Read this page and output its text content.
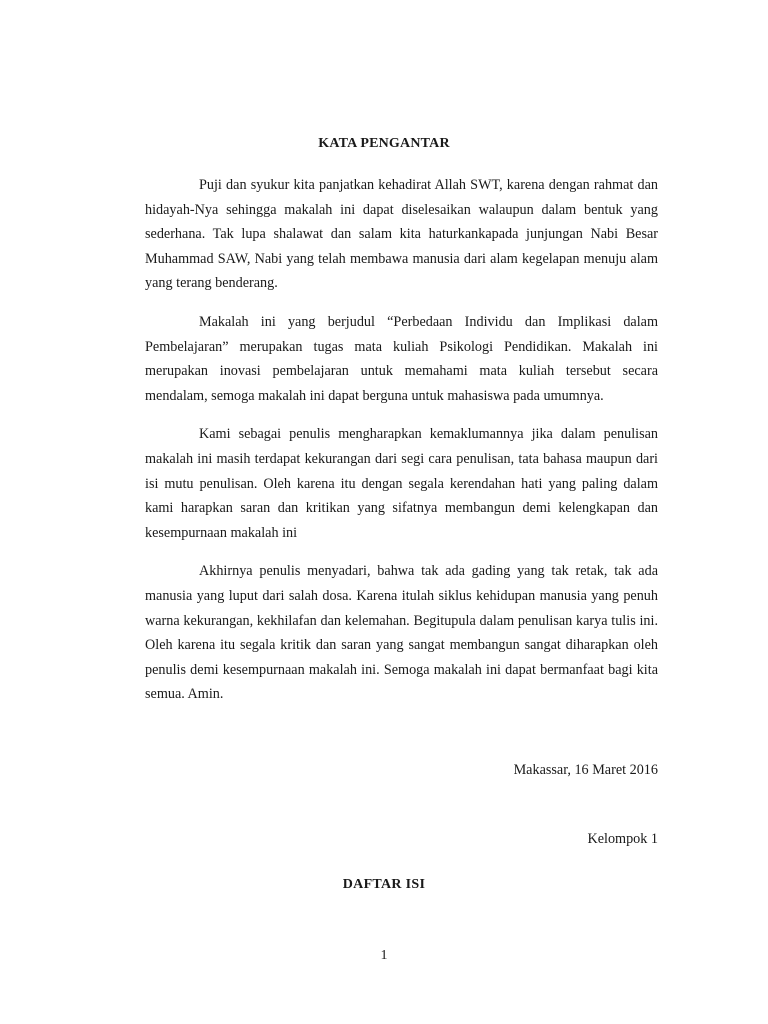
KATA PENGANTAR

Puji dan syukur kita panjatkan kehadirat Allah SWT, karena dengan rahmat dan hidayah-Nya sehingga makalah ini dapat diselesaikan walaupun dalam bentuk yang sederhana. Tak lupa shalawat dan salam kita haturkankapada junjungan Nabi Besar Muhammad SAW, Nabi yang telah membawa manusia dari alam kegelapan menuju alam yang terang benderang.

Makalah ini yang berjudul “Perbedaan Individu dan Implikasi dalam Pembelajaran” merupakan tugas mata kuliah Psikologi Pendidikan. Makalah ini merupakan inovasi pembelajaran untuk memahami mata kuliah tersebut secara mendalam, semoga makalah ini dapat berguna untuk mahasiswa pada umumnya.

Kami sebagai penulis mengharapkan kemaklumannya jika dalam penulisan makalah ini masih terdapat kekurangan dari segi cara penulisan, tata bahasa maupun dari isi mutu penulisan. Oleh karena itu dengan segala kerendahan hati yang paling dalam kami harapkan saran dan kritikan yang sifatnya membangun demi kelengkapan dan kesempurnaan makalah ini

Akhirnya penulis menyadari, bahwa tak ada gading yang tak retak, tak ada manusia yang luput dari salah dosa. Karena itulah siklus kehidupan manusia yang penuh warna kekurangan, kekhilafan dan kelemahan. Begitupula dalam penulisan karya tulis ini. Oleh karena itu segala kritik dan saran yang sangat membangun sangat diharapkan oleh penulis demi kesempurnaan makalah ini. Semoga makalah ini dapat bermanfaat bagi kita semua. Amin.

Makassar, 16 Maret 2016
Kelompok 1
DAFTAR ISI
1
